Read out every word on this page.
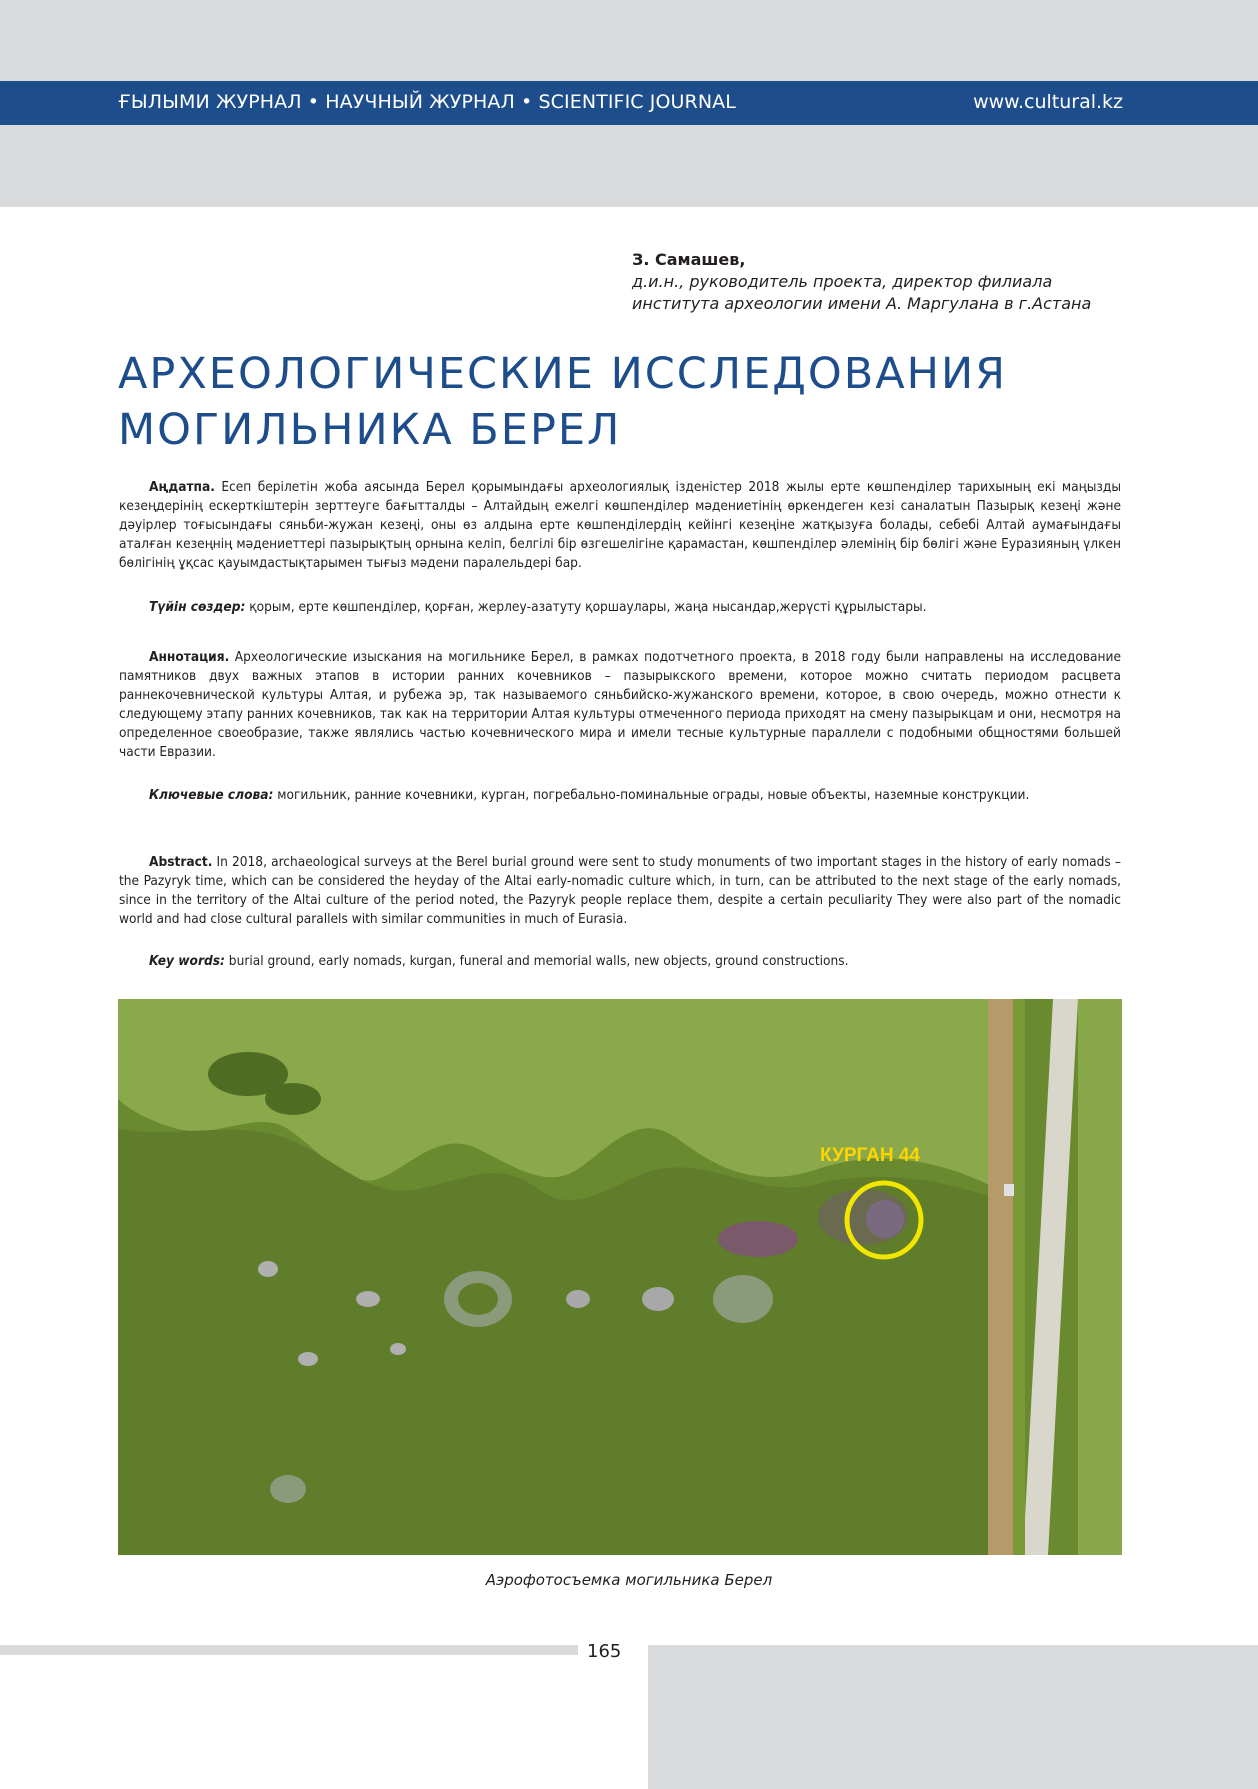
ҒЫЛЫМИ ЖУРНАЛ • НАУЧНЫЙ ЖУРНАЛ • SCIENTIFIC JOURNAL	www.cultural.kz
З. Самашев,
д.и.н., руководитель проекта, директор филиала
института археологии имени А. Маргулана в г.Астана
АРХЕОЛОГИЧЕСКИЕ ИССЛЕДОВАНИЯ
МОГИЛЬНИКА БЕРЕЛ

Аңдатпа. Есеп берілетін жоба аясында Берел қорымындағы археологиялық ізденістер 2018 жылы ерте көшпенділер тарихының екі маңызды кезеңдерінің ескерткіштерін зерттеуге бағытталды – Алтайдың ежелгі көшпенділер мәдениетінің өркендеген кезі саналатын Пазырық кезеңі және дәуірлер тоғысындағы сяньби-жужан кезеңі, оны өз алдына ерте көшпенділердің кейінгі кезеңіне жатқызуға болады, себебі Алтай аумағындағы аталған кезеңнің мәдениеттері пазырықтың орнына келіп, белгілі бір өзгешелігіне қарамастан, көшпенділер әлемінің бір бөлігі және Еуразияның үлкен бөлігінің ұқсас қауымдастықтарымен тығыз мәдени паралельдері бар.

Түйін сөздер: қорым, ерте көшпенділер, қорған, жерлеу-азатуту қоршаулары, жаңа нысандар,жерүсті құрылыстары.

Аннотация. Археологические изыскания на могильнике Берел, в рамках подотчетного проекта, в 2018 году были направлены на исследование памятников двух важных этапов в истории ранних кочевников – пазырыкского времени, которое можно считать периодом расцвета раннекочевнической культуры Алтая, и рубежа эр, так называемого сяньбийско-жужанского времени, которое, в свою очередь, можно отнести к следующему этапу ранних кочевников, так как на территории Алтая культуры отмеченного периода приходят на смену пазырыкцам и они, несмотря на определенное своеобразие, также являлись частью кочевнического мира и имели тесные культурные параллели с подобными общностями большей части Евразии.

Ключевые слова: могильник, ранние кочевники, курган, погребально-поминальные ограды, новые объекты, наземные конструкции.

Abstract. In 2018, archaeological surveys at the Berel burial ground were sent to study monuments of two important stages in the history of early nomads – the Pazyryk time, which can be considered the heyday of the Altai early-nomadic culture which, in turn, can be attributed to the next stage of the early nomads, since in the territory of the Altai culture of the period noted, the Pazyryk people replace them, despite a certain peculiarity They were also part of the nomadic world and had close cultural parallels with similar communities in much of Eurasia.

Key words: burial ground, early nomads, kurgan, funeral and memorial walls, new objects, ground constructions.

КУРГАН 44
Аэрофотосъемка могильника Берел
165
